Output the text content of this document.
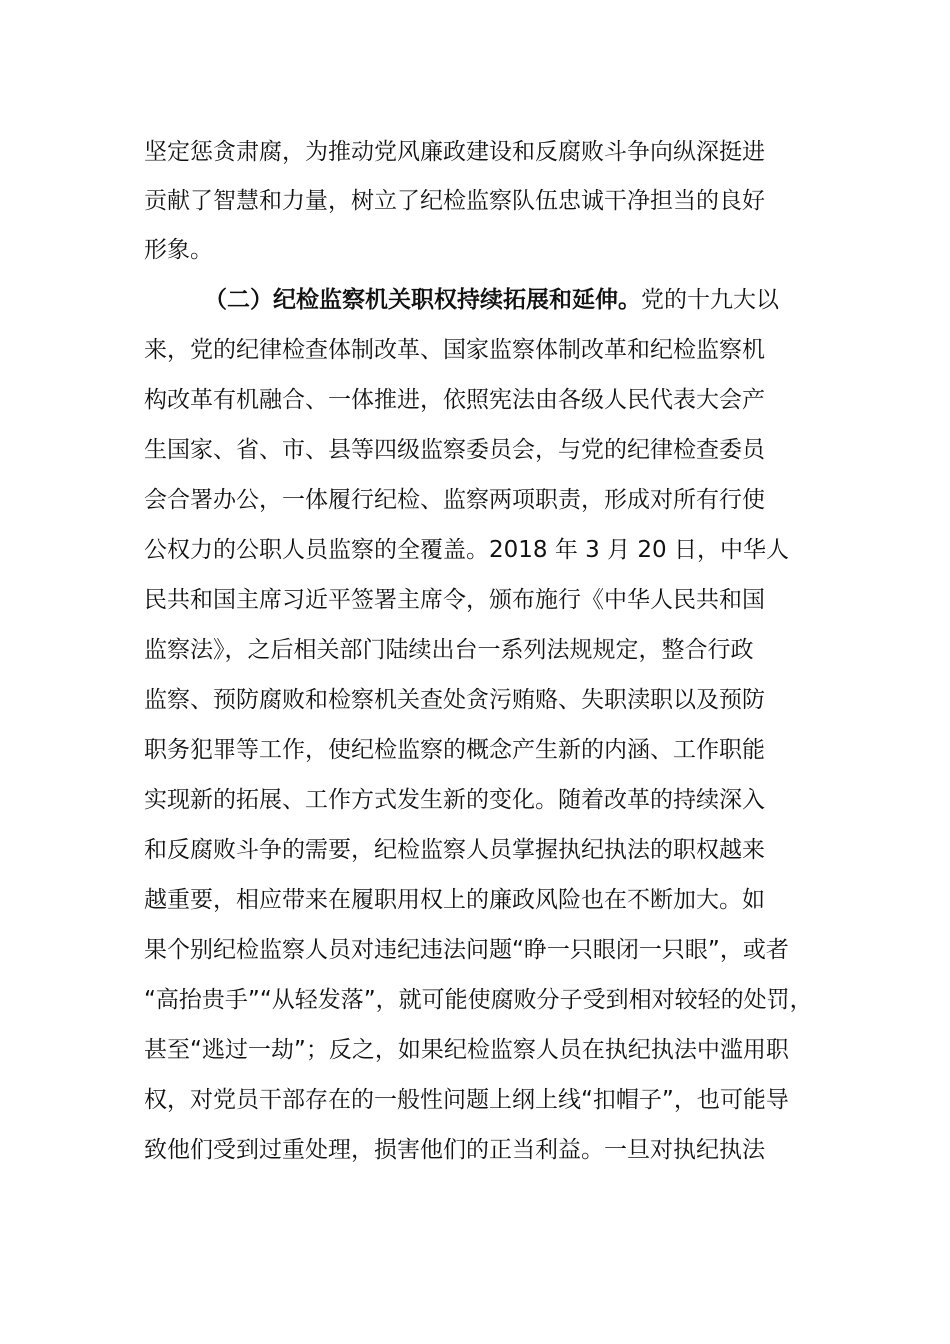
坚定惩贪肃腐，为推动党风廉政建设和反腐败斗争向纵深挺进
贡献了智慧和力量，树立了纪检监察队伍忠诚干净担当的良好
形象。
（二）纪检监察机关职权持续拓展和延伸。党的十九大以
来，党的纪律检查体制改革、国家监察体制改革和纪检监察机
构改革有机融合、一体推进，依照宪法由各级人民代表大会产
生国家、省、市、县等四级监察委员会，与党的纪律检查委员
会合署办公，一体履行纪检、监察两项职责，形成对所有行使
公权力的公职人员监察的全覆盖。2018 年 3 月 20 日，中华人
民共和国主席习近平签署主席令，颁布施行《中华人民共和国
监察法》，之后相关部门陆续出台一系列法规规定，整合行政
监察、预防腐败和检察机关查处贪污贿赂、失职渎职以及预防
职务犯罪等工作，使纪检监察的概念产生新的内涵、工作职能
实现新的拓展、工作方式发生新的变化。随着改革的持续深入
和反腐败斗争的需要，纪检监察人员掌握执纪执法的职权越来
越重要，相应带来在履职用权上的廉政风险也在不断加大。如
果个别纪检监察人员对违纪违法问题“睁一只眼闭一只眼”，或者
“高抬贵手”“从轻发落”，就可能使腐败分子受到相对较轻的处罚，
甚至“逃过一劫”；反之，如果纪检监察人员在执纪执法中滥用职
权，对党员干部存在的一般性问题上纲上线“扣帽子”，也可能导
致他们受到过重处理，损害他们的正当利益。一旦对执纪执法
